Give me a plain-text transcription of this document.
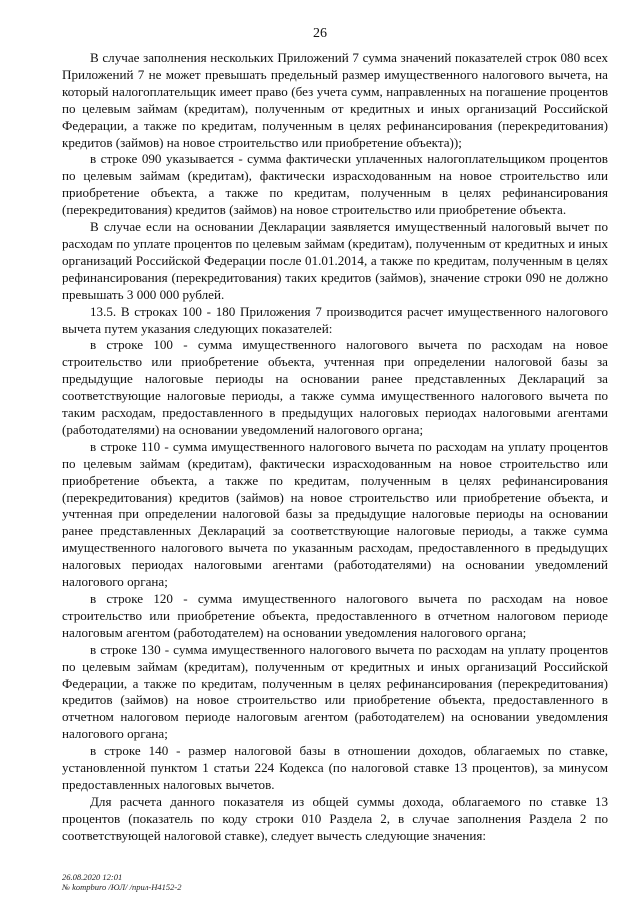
26

В случае заполнения нескольких Приложений 7 сумма значений показателей строк 080 всех Приложений 7 не может превышать предельный размер имущественного налогового вычета, на который налогоплательщик имеет право (без учета сумм, направленных на погашение процентов по целевым займам (кредитам), полученным от кредитных и иных организаций Российской Федерации, а также по кредитам, полученным в целях рефинансирования (перекредитования) кредитов (займов) на новое строительство или приобретение объекта));

в строке 090 указывается - сумма фактически уплаченных налогоплательщиком процентов по целевым займам (кредитам), фактически израсходованным на новое строительство или приобретение объекта, а также по кредитам, полученным в целях рефинансирования (перекредитования) кредитов (займов) на новое строительство или приобретение объекта.

В случае если на основании Декларации заявляется имущественный налоговый вычет по расходам по уплате процентов по целевым займам (кредитам), полученным от кредитных и иных организаций Российской Федерации после 01.01.2014, а также по кредитам, полученным в целях рефинансирования (перекредитования) таких кредитов (займов), значение строки 090 не должно превышать 3 000 000 рублей.

13.5. В строках 100 - 180 Приложения 7 производится расчет имущественного налогового вычета путем указания следующих показателей:

в строке 100 - сумма имущественного налогового вычета по расходам на новое строительство или приобретение объекта, учтенная при определении налоговой базы за предыдущие налоговые периоды на основании ранее представленных Деклараций за соответствующие налоговые периоды, а также сумма имущественного налогового вычета по таким расходам, предоставленного в предыдущих налоговых периодах налоговыми агентами (работодателями) на основании уведомлений налогового органа;

в строке 110 - сумма имущественного налогового вычета по расходам на уплату процентов по целевым займам (кредитам), фактически израсходованным на новое строительство или приобретение объекта, а также по кредитам, полученным в целях рефинансирования (перекредитования) кредитов (займов) на новое строительство или приобретение объекта, и учтенная при определении налоговой базы за предыдущие налоговые периоды на основании ранее представленных Деклараций за соответствующие налоговые периоды, а также сумма имущественного налогового вычета по указанным расходам, предоставленного в предыдущих налоговых периодах налоговыми агентами (работодателями) на основании уведомлений налогового органа;

в строке 120 - сумма имущественного налогового вычета по расходам на новое строительство или приобретение объекта, предоставленного в отчетном налоговом периоде налоговым агентом (работодателем) на основании уведомления налогового органа;

в строке 130 - сумма имущественного налогового вычета по расходам на уплату процентов по целевым займам (кредитам), полученным от кредитных и иных организаций Российской Федерации, а также по кредитам, полученным в целях рефинансирования (перекредитования) кредитов (займов) на новое строительство или приобретение объекта, предоставленного в отчетном налоговом периоде налоговым агентом (работодателем) на основании уведомления налогового органа;

в строке 140 - размер налоговой базы в отношении доходов, облагаемых по ставке, установленной пунктом 1 статьи 224 Кодекса (по налоговой ставке 13 процентов), за минусом предоставленных налоговых вычетов.

Для расчета данного показателя из общей суммы дохода, облагаемого по ставке 13 процентов (показатель по коду строки 010 Раздела 2, в случае заполнения Раздела 2 по соответствующей налоговой ставке), следует вычесть следующие значения:

26.08.2020 12:01
№ kompburo /ЮЛ/ /прил-Н4152-2
